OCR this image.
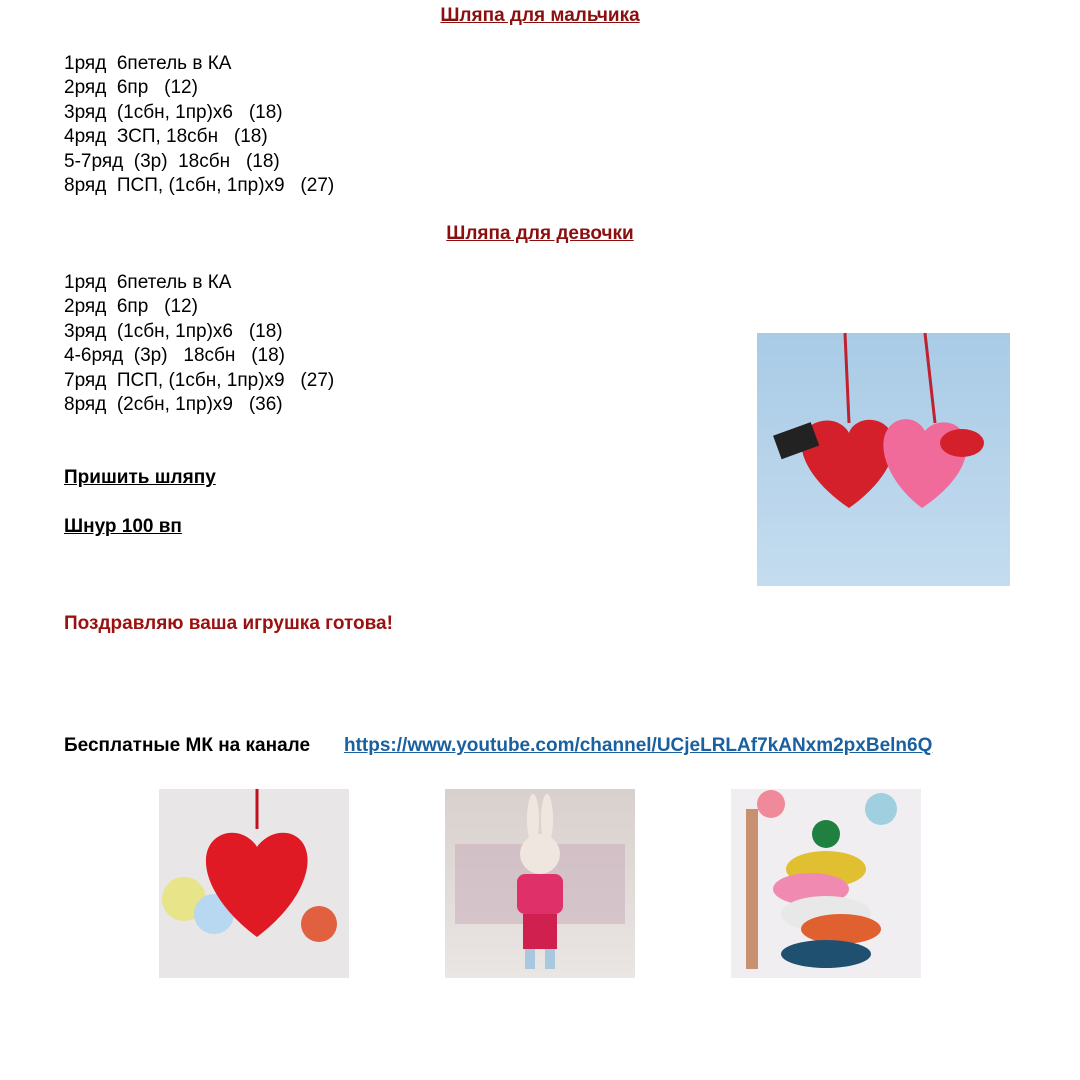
Шляпа для мальчика
1ряд  6петель в КА
2ряд  6пр   (12)
3ряд  (1сбн, 1пр)х6   (18)
4ряд  ЗСП, 18сбн   (18)
5-7ряд  (3р)  18сбн   (18)
8ряд  ПСП, (1сбн, 1пр)х9   (27)
Шляпа для девочки
1ряд  6петель в КА
2ряд  6пр   (12)
3ряд  (1сбн, 1пр)х6   (18)
4-6ряд  (3р)   18сбн   (18)
7ряд  ПСП, (1сбн, 1пр)х9   (27)
8ряд  (2сбн, 1пр)х9   (36)
Пришить шляпу
Шнур 100 вп
Поздравляю ваша игрушка готова!
Бесплатные МК на канале https://www.youtube.com/channel/UCjeLRLAf7kANxm2pxBeln6Q
